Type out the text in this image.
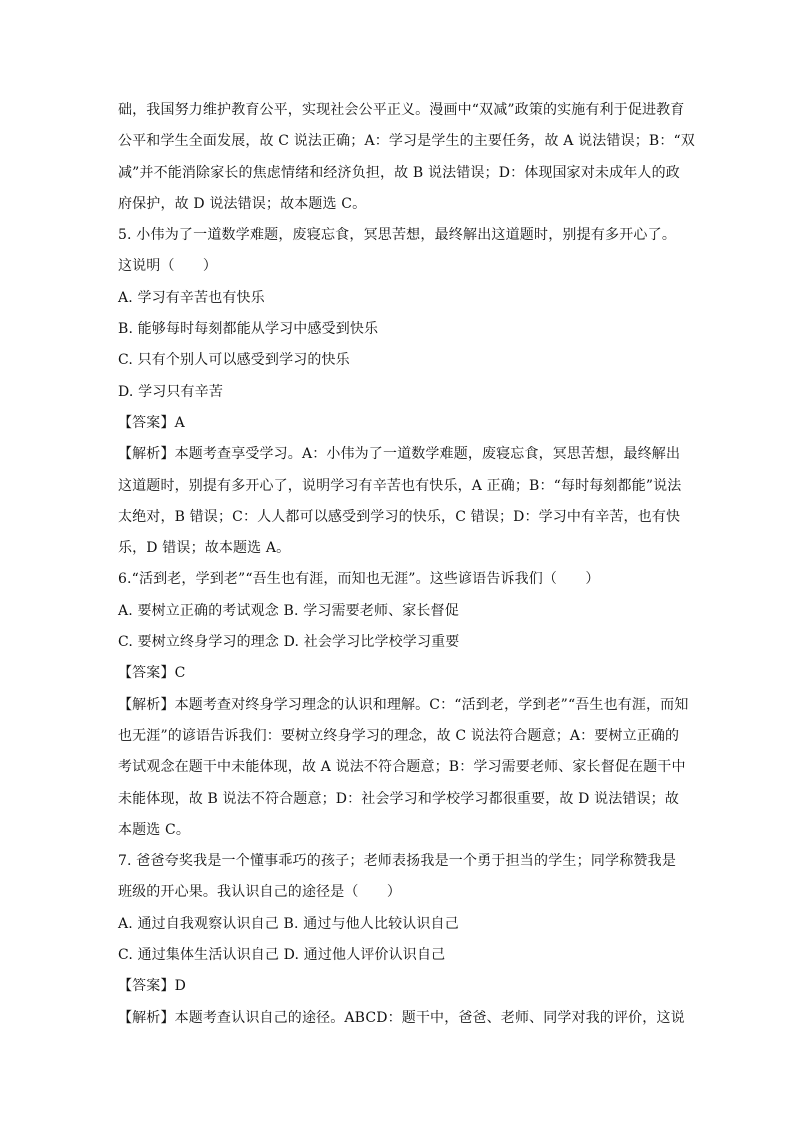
础，我国努力维护教育公平，实现社会公平正义。漫画中“双减”政策的实施有利于促进教育
公平和学生全面发展，故 C 说法正确；A：学习是学生的主要任务，故 A 说法错误；B：“双
减”并不能消除家长的焦虑情绪和经济负担，故 B 说法错误；D：体现国家对未成年人的政
府保护，故 D 说法错误；故本题选 C。
5. 小伟为了一道数学难题，废寝忘食，冥思苦想，最终解出这道题时，别提有多开心了。
这说明（　　）
A. 学习有辛苦也有快乐
B. 能够每时每刻都能从学习中感受到快乐
C. 只有个别人可以感受到学习的快乐
D. 学习只有辛苦
【答案】A
【解析】本题考查享受学习。A：小伟为了一道数学难题，废寝忘食，冥思苦想，最终解出
这道题时，别提有多开心了，说明学习有辛苦也有快乐，A 正确；B：“每时每刻都能”说法
太绝对，B 错误；C：人人都可以感受到学习的快乐，C 错误；D：学习中有辛苦，也有快
乐，D 错误；故本题选 A。
6.“活到老，学到老”“吾生也有涯，而知也无涯”。这些谚语告诉我们（　　）
A. 要树立正确的考试观念 B. 学习需要老师、家长督促
C. 要树立终身学习的理念 D. 社会学习比学校学习重要
【答案】C
【解析】本题考查对终身学习理念的认识和理解。C：“活到老，学到老”“吾生也有涯，而知
也无涯”的谚语告诉我们：要树立终身学习的理念，故 C 说法符合题意；A：要树立正确的
考试观念在题干中未能体现，故 A 说法不符合题意；B：学习需要老师、家长督促在题干中
未能体现，故 B 说法不符合题意；D：社会学习和学校学习都很重要，故 D 说法错误；故
本题选 C。
7. 爸爸夸奖我是一个懂事乖巧的孩子；老师表扬我是一个勇于担当的学生；同学称赞我是
班级的开心果。我认识自己的途径是（　　）
A. 通过自我观察认识自己 B. 通过与他人比较认识自己
C. 通过集体生活认识自己 D. 通过他人评价认识自己
【答案】D
【解析】本题考查认识自己的途径。ABCD：题干中，爸爸、老师、同学对我的评价，这说
